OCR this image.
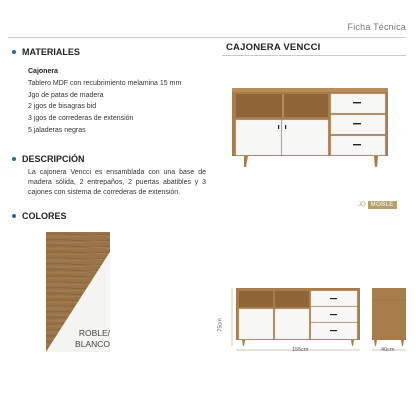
Ficha Técnica
MATERIALES
Cajonera
Tablero MDF con recubrimiento melamina 15 mm
Jgo de patas de madera
2 jgos de bisagras bid
3 jgos de correderas de extensión
5 jaladeras negras
DESCRIPCIÓN
La cajonera Vencci es ensamblada con una base de madera sólida, 2 entrepaños, 2 puertas abatibles y 3 cajones con sistema de correderas de extensión.
COLORES
ROBLE/
BLANCO
CAJONERA VENCCI
JO MOBLE
75cm
155cm	40cm
